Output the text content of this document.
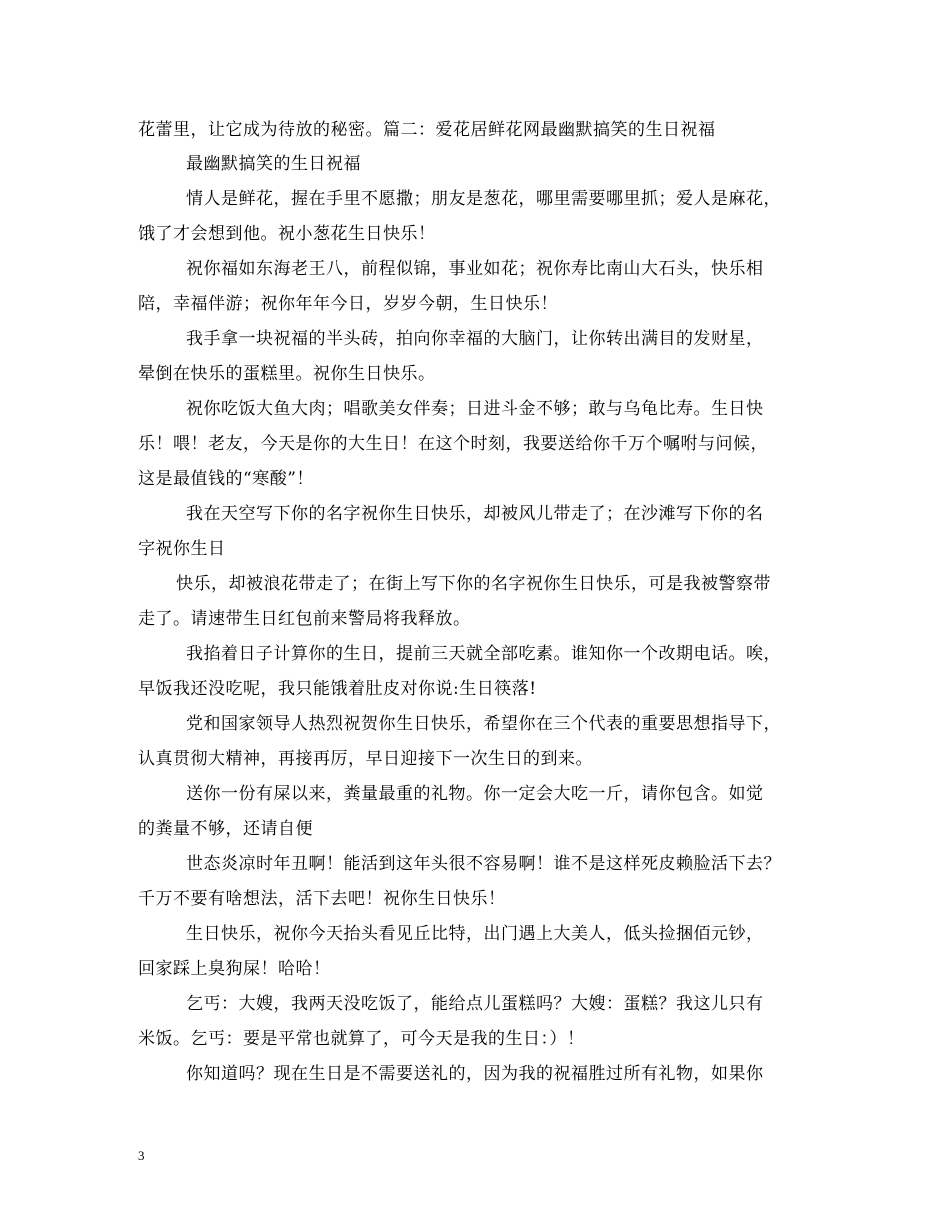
花蕾里，让它成为待放的秘密。篇二：爱花居鲜花网最幽默搞笑的生日祝福
最幽默搞笑的生日祝福
情人是鲜花，握在手里不愿撒；朋友是葱花，哪里需要哪里抓；爱人是麻花，
饿了才会想到他。祝小葱花生日快乐！
祝你福如东海老王八，前程似锦，事业如花；祝你寿比南山大石头，快乐相
陪，幸福伴游；祝你年年今日，岁岁今朝，生日快乐！
我手拿一块祝福的半头砖，拍向你幸福的大脑门，让你转出满目的发财星，
晕倒在快乐的蛋糕里。祝你生日快乐。
祝你吃饭大鱼大肉；唱歌美女伴奏；日进斗金不够；敢与乌龟比寿。生日快
乐！喂！老友，今天是你的大生日！在这个时刻，我要送给你千万个嘱咐与问候，
这是最值钱的“寒酸”！
我在天空写下你的名字祝你生日快乐，却被风儿带走了；在沙滩写下你的名
字祝你生日
快乐，却被浪花带走了；在街上写下你的名字祝你生日快乐，可是我被警察带
走了。请速带生日红包前来警局将我释放。
我掐着日子计算你的生日，提前三天就全部吃素。谁知你一个改期电话。唉，
早饭我还没吃呢，我只能饿着肚皮对你说:生日筷落!
党和国家领导人热烈祝贺你生日快乐，希望你在三个代表的重要思想指导下，
认真贯彻大精神，再接再厉，早日迎接下一次生日的到来。
送你一份有屎以来，粪量最重的礼物。你一定会大吃一斤，请你包含。如觉
的粪量不够，还请自便
世态炎凉时年丑啊！能活到这年头很不容易啊！谁不是这样死皮赖脸活下去？
千万不要有啥想法，活下去吧！祝你生日快乐！
生日快乐，祝你今天抬头看见丘比特，出门遇上大美人，低头捡捆佰元钞，
回家踩上臭狗屎！哈哈！
乞丐：大嫂，我两天没吃饭了，能给点儿蛋糕吗？大嫂：蛋糕？我这儿只有
米饭。乞丐：要是平常也就算了，可今天是我的生日：）！
你知道吗？现在生日是不需要送礼的，因为我的祝福胜过所有礼物，如果你
3
